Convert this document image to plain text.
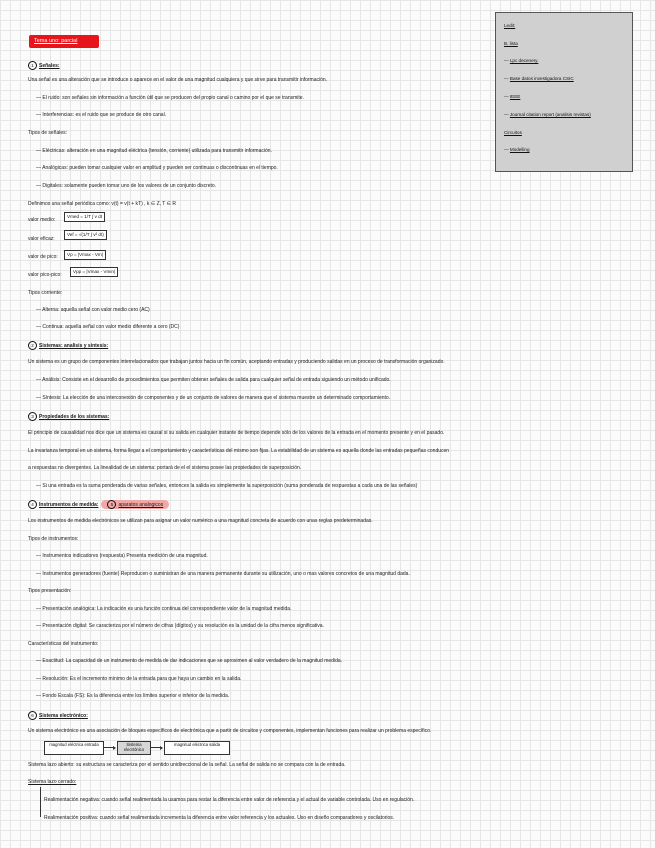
Tema uno: parcial
Ledit:
B. lista
— Lpc decenery.
— Base datos investigadora CSIC
— IEEE
— Journal citation report (analisis revistas)
Circuitos
— Modelling
1 Señales:
Una señal es una alteración que se introduce o aparece en el valor de una magnitud cualquiera y que sirve para transmitir información.
— El ruido: son señales sin información a función útil que se producen del propio canal o camino por el que se transmite.
— Interferencias: es el ruido que se produce de otro canal.
Tipos de señales:
— Eléctricas: alteración en una magnitud eléctrica (tensión, corriente) utilizada para transmitir información.
— Analógicas: pueden tomar cualquier valor en amplitud y pueden ser continuas o discontinuas en el tiempo.
— Digitales: solamente pueden tomar uno de los valores de un conjunto discreto.
Definimos una señal periódica como: v(t) = v(t + kT) , k ∈ Z, T ∈ R
valor medio:
Vmed = 1/T ∫ v dt
valor eficaz:
Vef = √(1/T ∫ v² dt)
valor de pico:	Vp = |Vmax - Vm|
valor pico-pico:
Vpp = |Vmax - Vmin|
Tipos corriente:
— Alterna: aquella señal con valor medio cero (AC)
— Continua: aquella señal con valor medio diferente a cero (DC)
2 Sistemas: analisis y sintesis:
Un sistema es un grupo de componentes interrelacionados que trabajan juntos hacia un fin común, aceptando entradas y produciendo salidas en un proceso de transformación organizado.
— Análisis: Consiste en el desarrollo de procedimientos que permiten obtener señales de salida para cualquier señal de entrada siguiendo un método unificado.
— Síntesis: La elección de una interconexión de componentes y de un conjunto de valores de manera que el sistema muestre un determinado comportamiento.
3 Propiedades de los sistemas:
El principio de causalidad nos dice que un sistema es causal si su salida en cualquier instante de tiempo depende sólo de los valores de la entrada en el momento presente y en el pasado.
La invarianza temporal en un sistema, forma llegar a el comportamiento y características del mismo son fijas. La estabilidad de un sistema es aquella donde las entradas pequeñas conducen
a respuestas no divergentes. La linealidad de un sistema: portará de el el sistema posee las propiedades de superposición.
— Si una entrada es la suma ponderada de varias señales, entonces la salida es simplemente la superposición (suma ponderada de respuestas a cada una de las señales)
4 Instrumentos de medida:	5 aparatos analogicos
Los instrumentos de medida electrónicos se utilizan para asignar un valor numérico a una magnitud concreta de acuerdo con unas reglas predeterminadas.
Tipos de instrumentos:
— Instrumentos indicadores (respuesta) Presenta medición de una magnitud.
— Instrumentos generadores (fuente) Reproducen o suministran de una manera permanente durante su utilización, uno o mas valores concretos de una magnitud dada.
Tipos presentación:
— Presentación analógica: La indicación es una función continua del correspondiente valor de la magnitud medida.
— Presentación digital: Se caracteriza por el número de cifras (dígitos) y su resolución es la unidad de la cifra menos significativa.
Características del instrumento:
— Exactitud: La capacidad de un instrumento de medida de dar indicaciones que se aproximen al valor verdadero de la magnitud medida.
— Resolución: Es el incremento mínimo de la entrada para que haya un cambio en la salida.
— Fondo Escala (FS): Es la diferencia entre los límites superior e inferior de la medida.
6 Sistema electrónico:
Un sistema electrónico es una asociación de bloques específicos de electrónica que a partir de circuitos y componentes, implementan funciones para realizar un problema específico.
magnitud eléctrica entrada	Sistema electrónico
magnitud eléctrica salida
Sistema lazo abierto: su estructura se caracteriza por el sentido unidireccional de la señal. La señal de salida no se compara con la de entrada.
Sistema lazo cerrado:
Realimentación negativa: cuando señal realimentada la usamos para restar la diferencia entre valor de referencia y el actual de variable controlada. Uso en regulación.
Realimentación positiva: cuando señal realimentada incrementa la diferencia entre valor referencia y los actuales. Uso en diseño comparadores y oscilatorios.
